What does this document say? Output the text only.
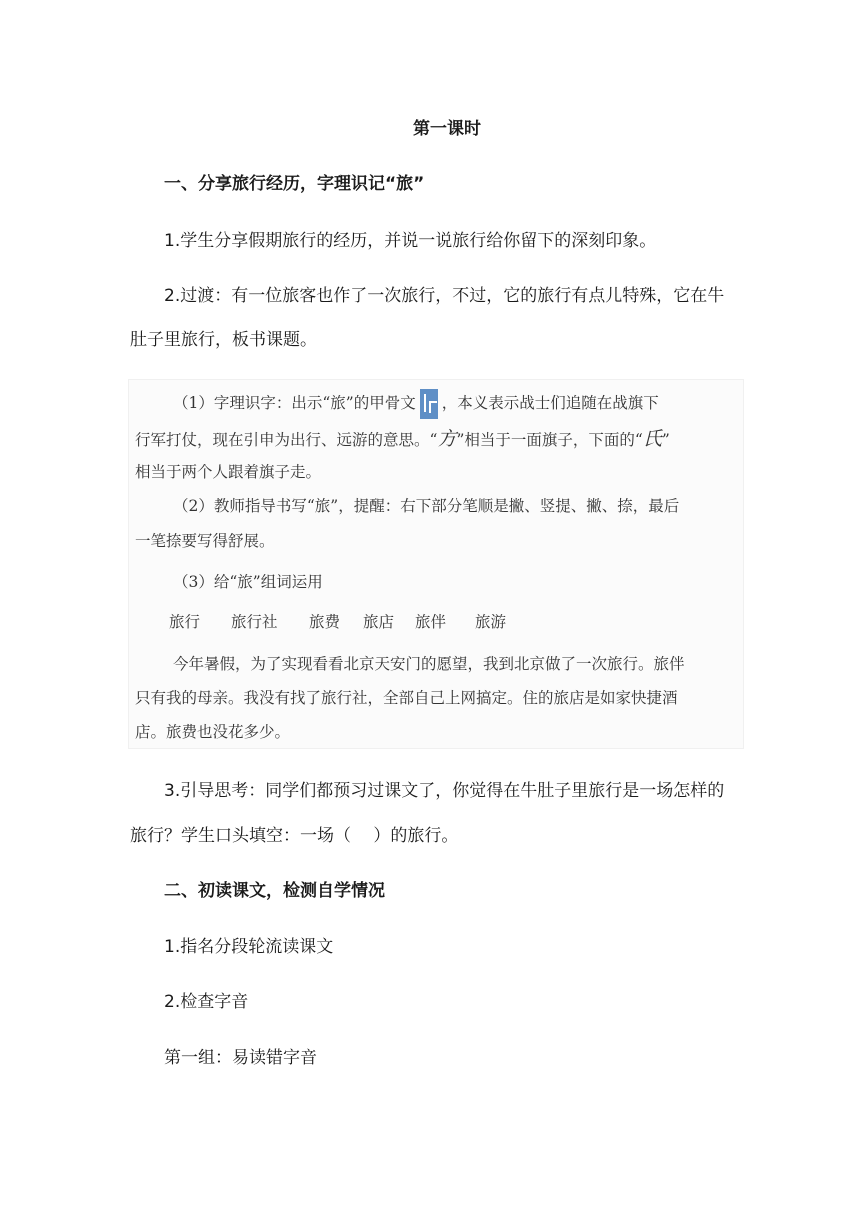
第一课时
一、分享旅行经历，字理识记“旅”
1.学生分享假期旅行的经历，并说一说旅行给你留下的深刻印象。
2.过渡：有一位旅客也作了一次旅行，不过，它的旅行有点儿特殊，它在牛
肚子里旅行，板书课题。
（1）字理识字：出示“旅”的甲骨文 ，本义表示战士们追随在战旗下
行军打仗，现在引申为出行、远游的意思。“方”相当于一面旗子，下面的“氏”
相当于两个人跟着旗子走。
（2）教师指导书写“旅”，提醒：右下部分笔顺是撇、竖提、撇、捺，最后
一笔捺要写得舒展。
（3）给“旅”组词运用
旅行 旅行社 旅费 旅店 旅伴 旅游
今年暑假，为了实现看看北京天安门的愿望，我到北京做了一次旅行。旅伴
只有我的母亲。我没有找了旅行社，全部自己上网搞定。住的旅店是如家快捷酒
店。旅费也没花多少。
3.引导思考：同学们都预习过课文了，你觉得在牛肚子里旅行是一场怎样的
旅行？学生口头填空：一场（　 ）的旅行。
二、初读课文，检测自学情况
1.指名分段轮流读课文
2.检查字音
第一组：易读错字音
